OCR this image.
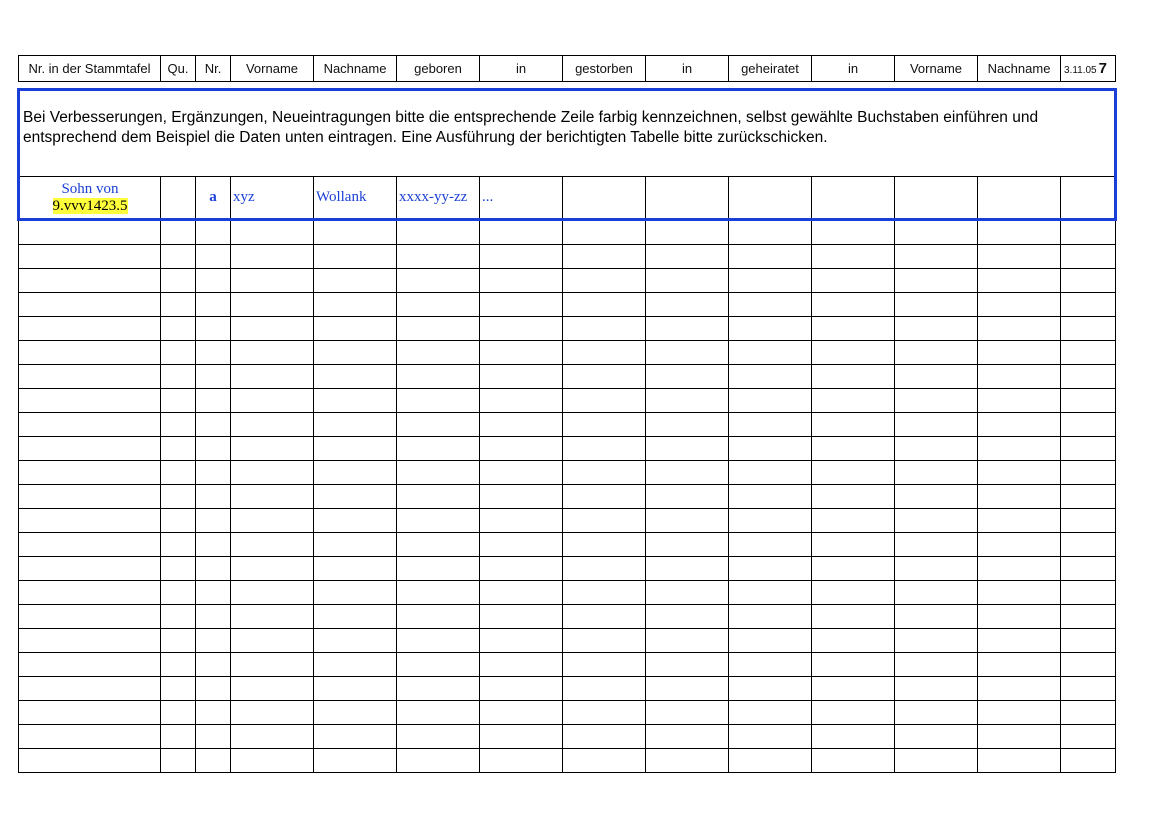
Nr. in der Stammtafel	Qu.	Nr.	Vorname	Nachname	geboren	in	gestorben	in	geheiratet	in	Vorname	Nachname	3.11.05 7

Bei Verbesserungen, Ergänzungen, Neueintragungen bitte die entsprechende Zeile farbig kennzeichnen, selbst gewählte Buchstaben einführen und entsprechend dem Beispiel die Daten unten eintragen. Eine Ausführung der berichtigten Tabelle bitte zurückschicken.													

Sohn von
9.vvv1423.5		a	xyz	Wollank	xxxx-yy-zz	...							
